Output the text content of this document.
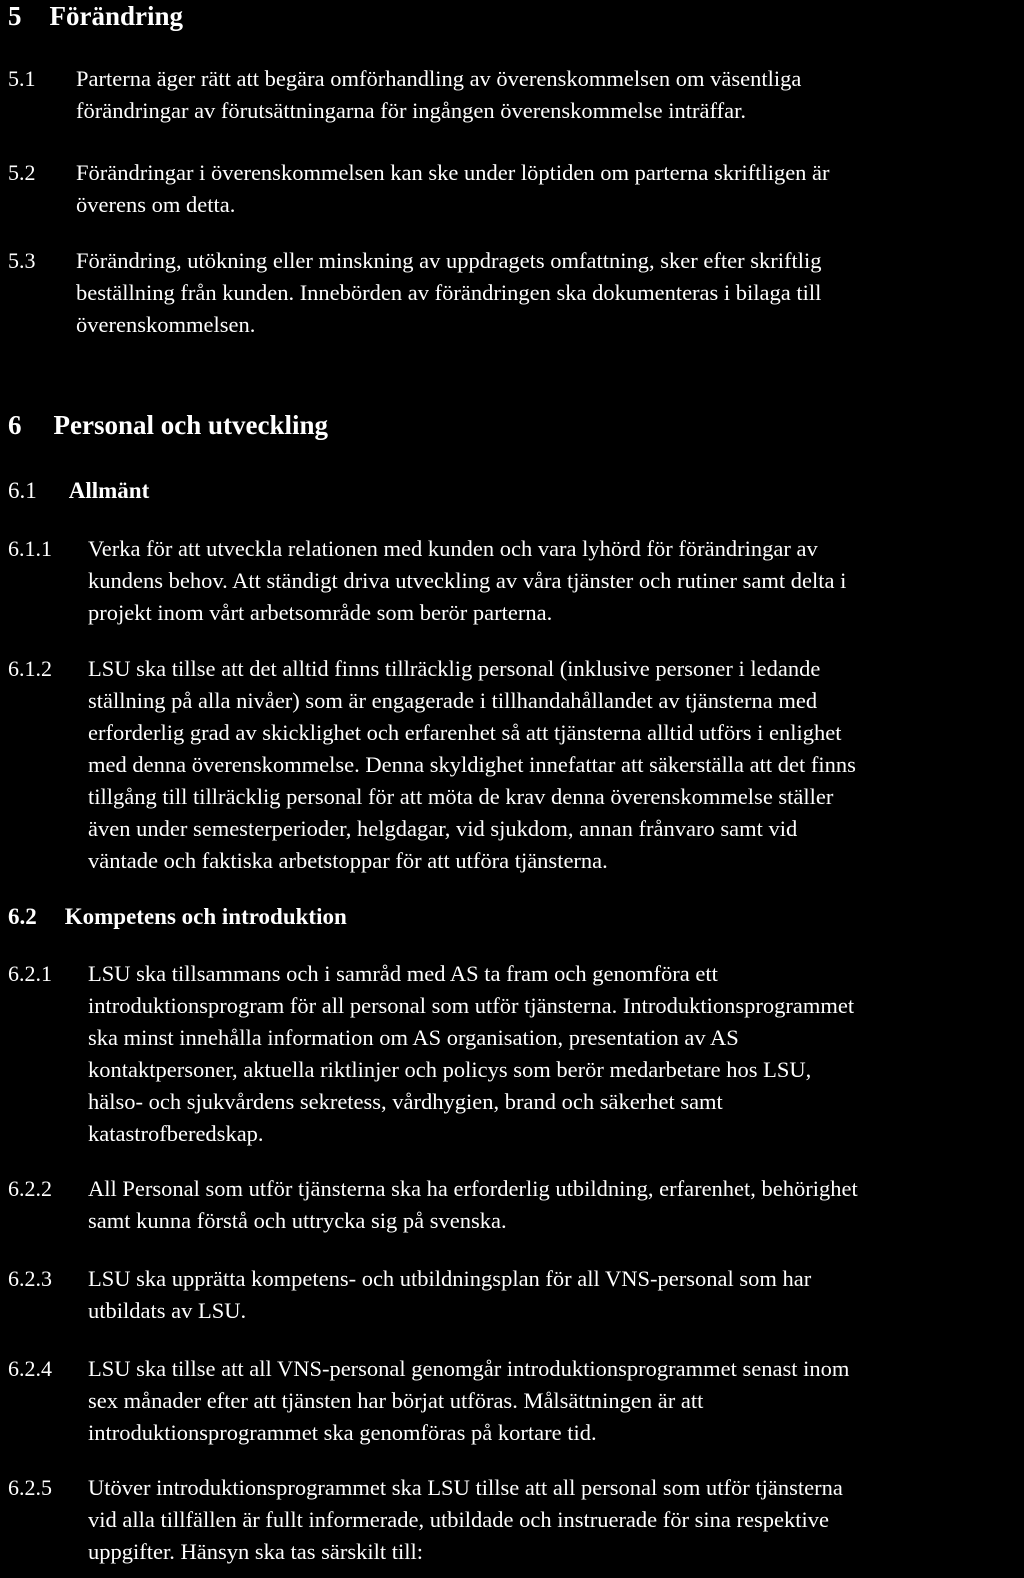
5 Förändring
5.1 Parterna äger rätt att begära omförhandling av överenskommelsen om väsentliga
förändringar av förutsättningarna för ingången överenskommelse inträffar.

5.2 Förändringar i överenskommelsen kan ske under löptiden om parterna skriftligen är
överens om detta.

5.3 Förändring, utökning eller minskning av uppdragets omfattning, sker efter skriftlig
beställning från kunden. Innebörden av förändringen ska dokumenteras i bilaga till
överenskommelsen.

6 Personal och utveckling
6.1 Allmänt
6.1.1 Verka för att utveckla relationen med kunden och vara lyhörd för förändringar av
kundens behov. Att ständigt driva utveckling av våra tjänster och rutiner samt delta i
projekt inom vårt arbetsområde som berör parterna.

6.1.2 LSU ska tillse att det alltid finns tillräcklig personal (inklusive personer i ledande
ställning på alla nivåer) som är engagerade i tillhandahållandet av tjänsterna med
erforderlig grad av skicklighet och erfarenhet så att tjänsterna alltid utförs i enlighet
med denna överenskommelse. Denna skyldighet innefattar att säkerställa att det finns
tillgång till tillräcklig personal för att möta de krav denna överenskommelse ställer
även under semesterperioder, helgdagar, vid sjukdom, annan frånvaro samt vid
väntade och faktiska arbetstoppar för att utföra tjänsterna.

6.2 Kompetens och introduktion
6.2.1 LSU ska tillsammans och i samråd med AS ta fram och genomföra ett
introduktionsprogram för all personal som utför tjänsterna. Introduktionsprogrammet
ska minst innehålla information om AS organisation, presentation av AS
kontaktpersoner, aktuella riktlinjer och policys som berör medarbetare hos LSU,
hälso- och sjukvårdens sekretess, vårdhygien, brand och säkerhet samt
katastrofberedskap.

6.2.2 All Personal som utför tjänsterna ska ha erforderlig utbildning, erfarenhet, behörighet
samt kunna förstå och uttrycka sig på svenska.

6.2.3 LSU ska upprätta kompetens- och utbildningsplan för all VNS-personal som har
utbildats av LSU.

6.2.4 LSU ska tillse att all VNS-personal genomgår introduktionsprogrammet senast inom
sex månader efter att tjänsten har börjat utföras. Målsättningen är att
introduktionsprogrammet ska genomföras på kortare tid.

6.2.5 Utöver introduktionsprogrammet ska LSU tillse att all personal som utför tjänsterna
vid alla tillfällen är fullt informerade, utbildade och instruerade för sina respektive
uppgifter. Hänsyn ska tas särskilt till:
